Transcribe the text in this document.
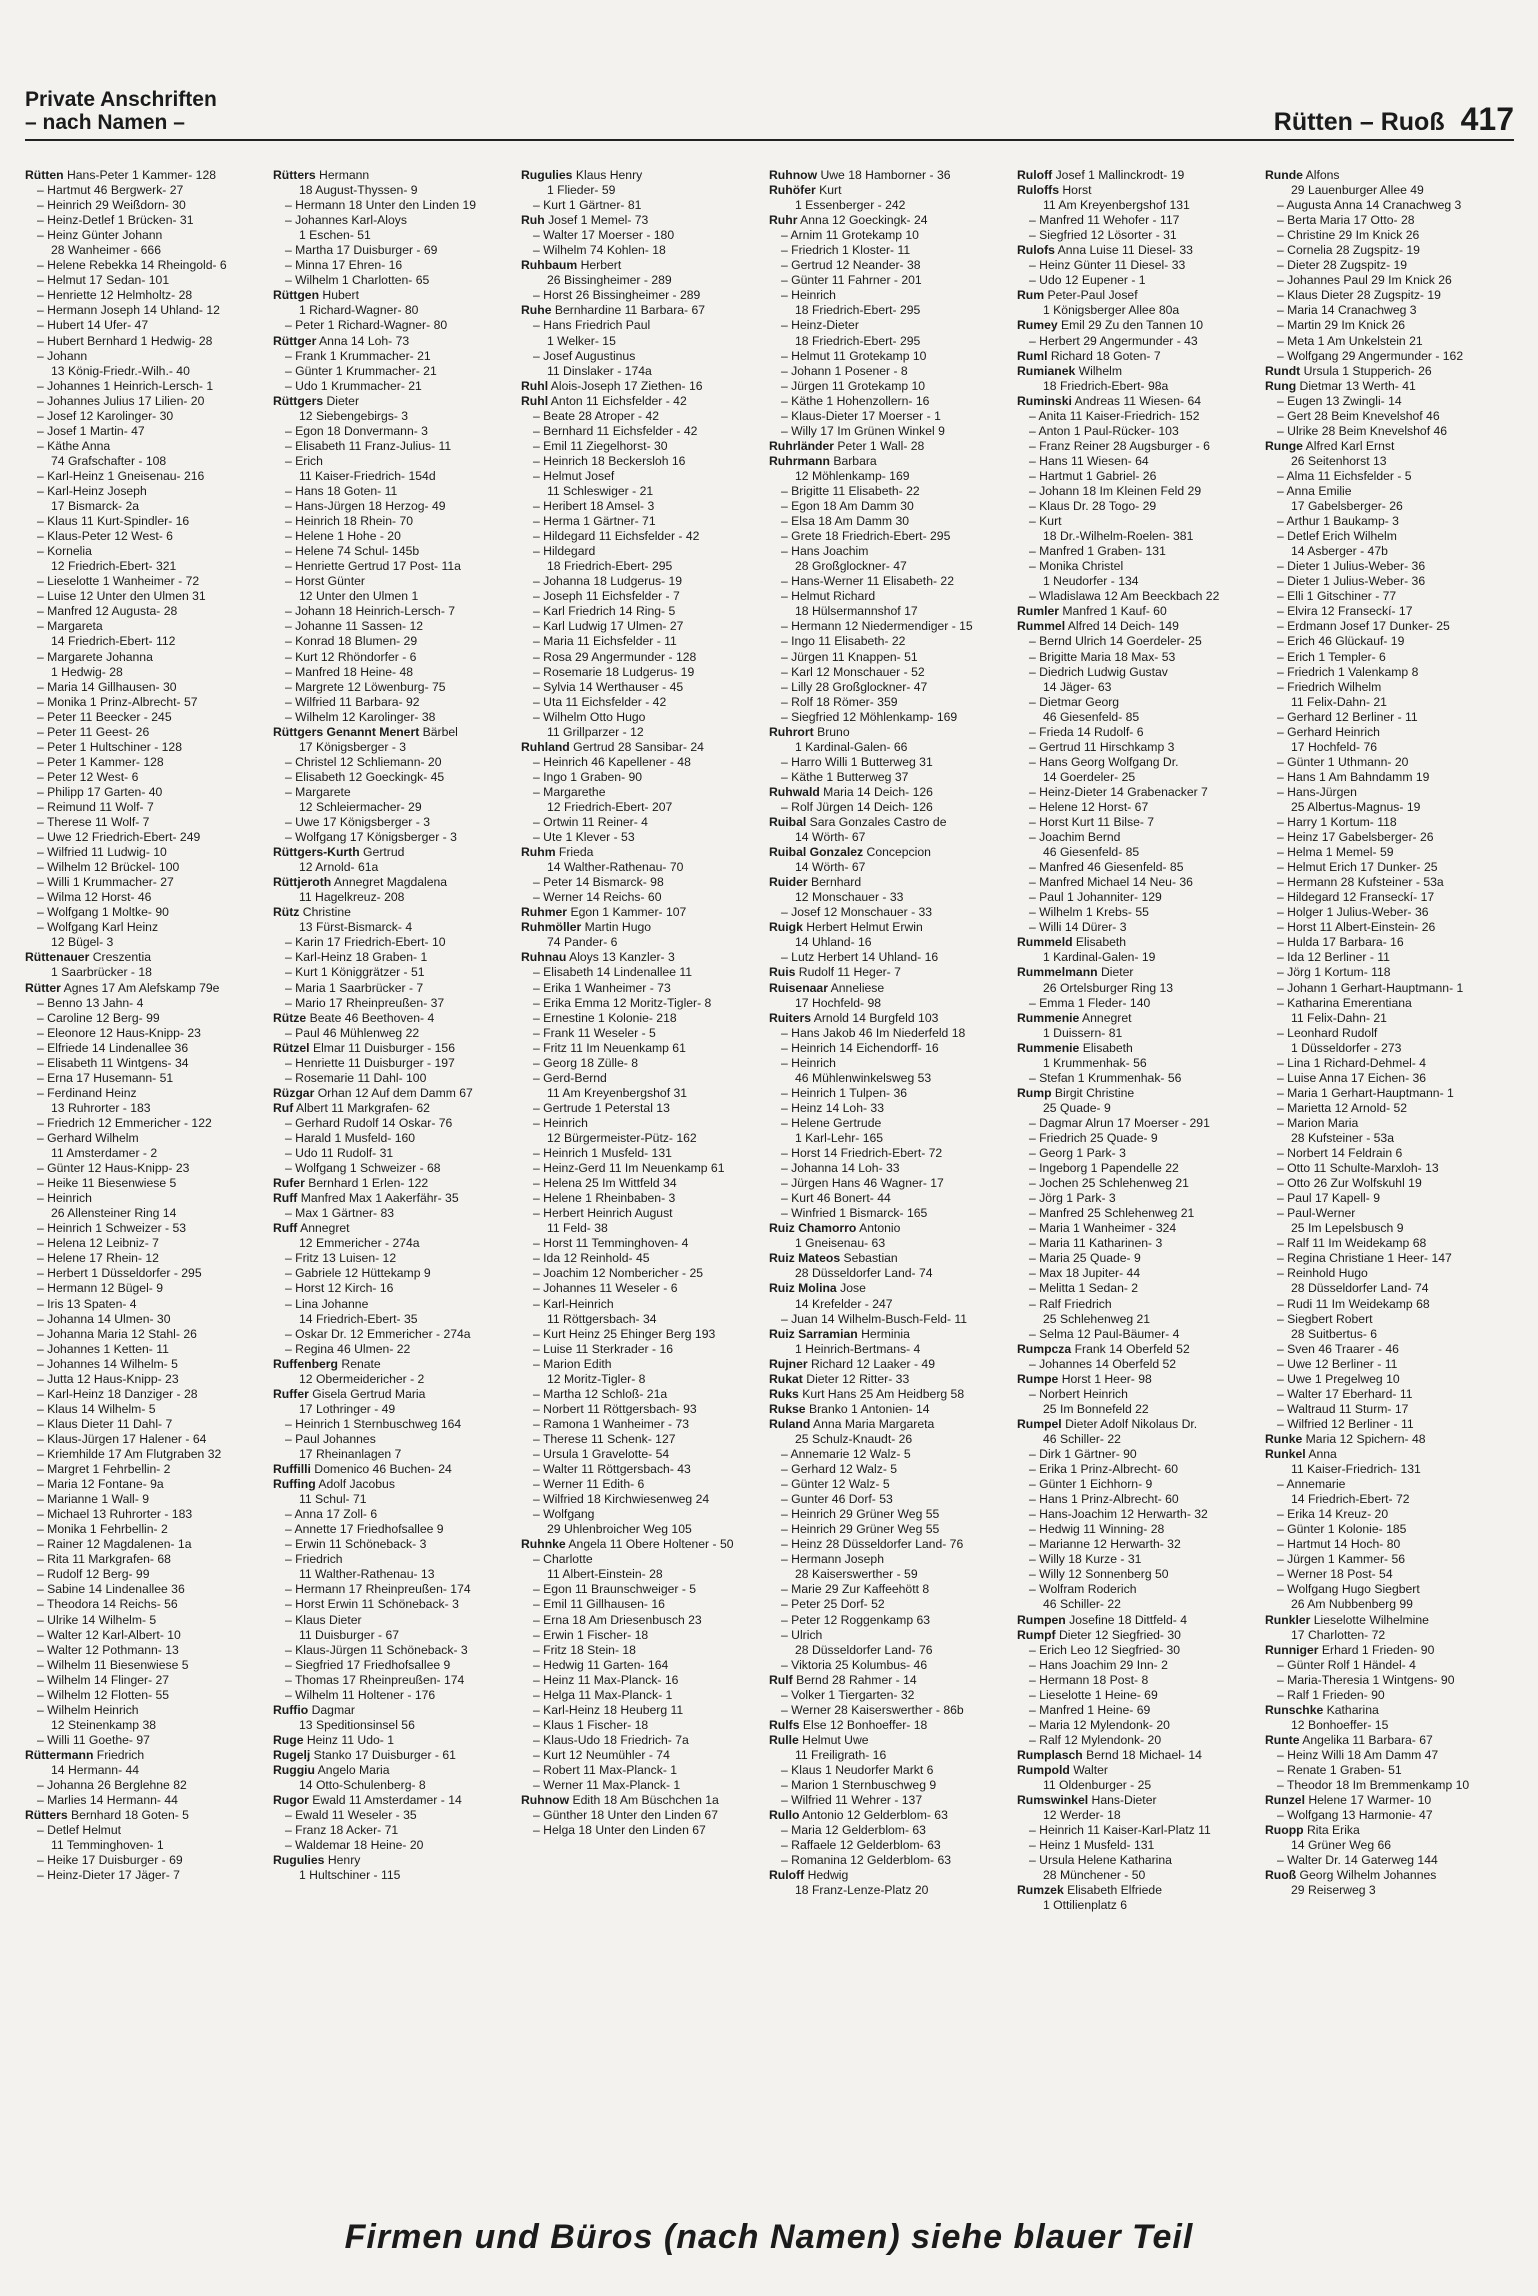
Private Anschriften
– nach Namen –	Rütten – Ruoß 417
Rütten Hans-Peter 1 Kammer- 128
– Hartmut 46 Bergwerk- 27
– Heinrich 29 Weißdorn- 30
– Heinz-Detlef 1 Brücken- 31
– Heinz Günter Johann
28 Wanheimer - 666
– Helene Rebekka 14 Rheingold- 6
– Helmut 17 Sedan- 101
– Henriette 12 Helmholtz- 28
– Hermann Joseph 14 Uhland- 12
– Hubert 14 Ufer- 47
– Hubert Bernhard 1 Hedwig- 28
– Johann
13 König-Friedr.-Wilh.- 40
– Johannes 1 Heinrich-Lersch- 1
– Johannes Julius 17 Lilien- 20
– Josef 12 Karolinger- 30
– Josef 1 Martin- 47
– Käthe Anna
74 Grafschafter - 108
– Karl-Heinz 1 Gneisenau- 216
– Karl-Heinz Joseph
17 Bismarck- 2a
– Klaus 11 Kurt-Spindler- 16
– Klaus-Peter 12 West- 6
– Kornelia
12 Friedrich-Ebert- 321
– Lieselotte 1 Wanheimer - 72
– Luise 12 Unter den Ulmen 31
– Manfred 12 Augusta- 28
– Margareta
14 Friedrich-Ebert- 112
– Margarete Johanna
1 Hedwig- 28
– Maria 14 Gillhausen- 30
– Monika 1 Prinz-Albrecht- 57
– Peter 11 Beecker - 245
– Peter 11 Geest- 26
– Peter 1 Hultschiner - 128
– Peter 1 Kammer- 128
– Peter 12 West- 6
– Philipp 17 Garten- 40
– Reimund 11 Wolf- 7
– Therese 11 Wolf- 7
– Uwe 12 Friedrich-Ebert- 249
– Wilfried 11 Ludwig- 10
– Wilhelm 12 Brückel- 100
– Willi 1 Krummacher- 27
– Wilma 12 Horst- 46
– Wolfgang 1 Moltke- 90
– Wolfgang Karl Heinz
12 Bügel- 3
Rüttenauer Creszentia
1 Saarbrücker - 18
Rütter Agnes 17 Am Alefskamp 79e
– Benno 13 Jahn- 4
– Caroline 12 Berg- 99
– Eleonore 12 Haus-Knipp- 23
– Elfriede 14 Lindenallee 36
– Elisabeth 11 Wintgens- 34
– Erna 17 Husemann- 51
– Ferdinand Heinz
13 Ruhrorter - 183
– Friedrich 12 Emmericher - 122
– Gerhard Wilhelm
11 Amsterdamer - 2
– Günter 12 Haus-Knipp- 23
– Heike 11 Biesenwiese 5
– Heinrich
26 Allensteiner Ring 14
– Heinrich 1 Schweizer - 53
– Helena 12 Leibniz- 7
– Helene 17 Rhein- 12
– Herbert 1 Düsseldorfer - 295
– Hermann 12 Bügel- 9
– Iris 13 Spaten- 4
– Johanna 14 Ulmen- 30
– Johanna Maria 12 Stahl- 26
– Johannes 1 Ketten- 11
– Johannes 14 Wilhelm- 5
– Jutta 12 Haus-Knipp- 23
– Karl-Heinz 18 Danziger - 28
– Klaus 14 Wilhelm- 5
– Klaus Dieter 11 Dahl- 7
– Klaus-Jürgen 17 Halener - 64
– Kriemhilde 17 Am Flutgraben 32
– Margret 1 Fehrbellin- 2
– Maria 12 Fontane- 9a
– Marianne 1 Wall- 9
– Michael 13 Ruhrorter - 183
– Monika 1 Fehrbellin- 2
– Rainer 12 Magdalenen- 1a
– Rita 11 Markgrafen- 68
– Rudolf 12 Berg- 99
– Sabine 14 Lindenallee 36
– Theodora 14 Reichs- 56
– Ulrike 14 Wilhelm- 5
– Walter 12 Karl-Albert- 10
– Walter 12 Pothmann- 13
– Wilhelm 11 Biesenwiese 5
– Wilhelm 14 Flinger- 27
– Wilhelm 12 Flotten- 55
– Wilhelm Heinrich
12 Steinenkamp 38
– Willi 11 Goethe- 97
Rüttermann Friedrich
14 Hermann- 44
– Johanna 26 Berglehne 82
– Marlies 14 Hermann- 44
Rütters Bernhard 18 Goten- 5
– Detlef Helmut
11 Temminghoven- 1
– Heike 17 Duisburger - 69
– Heinz-Dieter 17 Jäger- 7
Rütters Hermann
18 August-Thyssen- 9
– Hermann 18 Unter den Linden 19
– Johannes Karl-Aloys
1 Eschen- 51
– Martha 17 Duisburger - 69
– Minna 17 Ehren- 16
– Wilhelm 1 Charlotten- 65
Rüttgen Hubert
1 Richard-Wagner- 80
– Peter 1 Richard-Wagner- 80
Rüttger Anna 14 Loh- 73
– Frank 1 Krummacher- 21
– Günter 1 Krummacher- 21
– Udo 1 Krummacher- 21
Rüttgers Dieter
12 Siebengebirgs- 3
– Egon 18 Donvermann- 3
– Elisabeth 11 Franz-Julius- 11
– Erich
11 Kaiser-Friedrich- 154d
– Hans 18 Goten- 11
– Hans-Jürgen 18 Herzog- 49
– Heinrich 18 Rhein- 70
– Helene 1 Hohe - 20
– Helene 74 Schul- 145b
– Henriette Gertrud 17 Post- 11a
– Horst Günter
12 Unter den Ulmen 1
– Johann 18 Heinrich-Lersch- 7
– Johanne 11 Sassen- 12
– Konrad 18 Blumen- 29
– Kurt 12 Rhöndorfer - 6
– Manfred 18 Heine- 48
– Margrete 12 Löwenburg- 75
– Wilfried 11 Barbara- 92
– Wilhelm 12 Karolinger- 38
Rüttgers Genannt Menert Bärbel
17 Königsberger - 3
– Christel 12 Schliemann- 20
– Elisabeth 12 Goeckingk- 45
– Margarete
12 Schleiermacher- 29
– Uwe 17 Königsberger - 3
– Wolfgang 17 Königsberger - 3
Rüttgers-Kurth Gertrud
12 Arnold- 61a
Rüttjeroth Annegret Magdalena
11 Hagelkreuz- 208
Rütz Christine
13 Fürst-Bismarck- 4
– Karin 17 Friedrich-Ebert- 10
– Karl-Heinz 18 Graben- 1
– Kurt 1 Königgrätzer - 51
– Maria 1 Saarbrücker - 7
– Mario 17 Rheinpreußen- 37
Rütze Beate 46 Beethoven- 4
– Paul 46 Mühlenweg 22
Rützel Elmar 11 Duisburger - 156
– Henriette 11 Duisburger - 197
– Rosemarie 11 Dahl- 100
Rüzgar Orhan 12 Auf dem Damm 67
Ruf Albert 11 Markgrafen- 62
– Gerhard Rudolf 14 Oskar- 76
– Harald 1 Musfeld- 160
– Udo 11 Rudolf- 31
– Wolfgang 1 Schweizer - 68
Rufer Bernhard 1 Erlen- 122
Ruff Manfred Max 1 Aakerfähr- 35
– Max 1 Gärtner- 83
Ruff Annegret
12 Emmericher - 274a
– Fritz 13 Luisen- 12
– Gabriele 12 Hüttekamp 9
– Horst 12 Kirch- 16
– Lina Johanne
14 Friedrich-Ebert- 35
– Oskar Dr. 12 Emmericher - 274a
– Regina 46 Ulmen- 22
Ruffenberg Renate
12 Obermeidericher - 2
Ruffer Gisela Gertrud Maria
17 Lothringer - 49
– Heinrich 1 Sternbuschweg 164
– Paul Johannes
17 Rheinanlagen 7
Ruffilli Domenico 46 Buchen- 24
Ruffing Adolf Jacobus
11 Schul- 71
– Anna 17 Zoll- 6
– Annette 17 Friedhofsallee 9
– Erwin 11 Schöneback- 3
– Friedrich
11 Walther-Rathenau- 13
– Hermann 17 Rheinpreußen- 174
– Horst Erwin 11 Schöneback- 3
– Klaus Dieter
11 Duisburger - 67
– Klaus-Jürgen 11 Schöneback- 3
– Siegfried 17 Friedhofsallee 9
– Thomas 17 Rheinpreußen- 174
– Wilhelm 11 Holtener - 176
Ruffio Dagmar
13 Speditionsinsel 56
Ruge Heinz 11 Udo- 1
Rugelj Stanko 17 Duisburger - 61
Ruggiu Angelo Maria
14 Otto-Schulenberg- 8
Rugor Ewald 11 Amsterdamer - 14
– Ewald 11 Weseler - 35
– Franz 18 Acker- 71
– Waldemar 18 Heine- 20
Rugulies Henry
1 Hultschiner - 115
Rugulies Klaus Henry
1 Flieder- 59
– Kurt 1 Gärtner- 81
Ruh Josef 1 Memel- 73
– Walter 17 Moerser - 180
– Wilhelm 74 Kohlen- 18
Ruhbaum Herbert
26 Bissingheimer - 289
– Horst 26 Bissingheimer - 289
Ruhe Bernhardine 11 Barbara- 67
– Hans Friedrich Paul
1 Welker- 15
– Josef Augustinus
11 Dinslaker - 174a
Ruhl Alois-Joseph 17 Ziethen- 16
Ruhl Anton 11 Eichsfelder - 42
– Beate 28 Atroper - 42
– Bernhard 11 Eichsfelder - 42
– Emil 11 Ziegelhorst- 30
– Heinrich 18 Beckersloh 16
– Helmut Josef
11 Schleswiger - 21
– Heribert 18 Amsel- 3
– Herma 1 Gärtner- 71
– Hildegard 11 Eichsfelder - 42
– Hildegard
18 Friedrich-Ebert- 295
– Johanna 18 Ludgerus- 19
– Joseph 11 Eichsfelder - 7
– Karl Friedrich 14 Ring- 5
– Karl Ludwig 17 Ulmen- 27
– Maria 11 Eichsfelder - 11
– Rosa 29 Angermunder - 128
– Rosemarie 18 Ludgerus- 19
– Sylvia 14 Werthauser - 45
– Uta 11 Eichsfelder - 42
– Wilhelm Otto Hugo
11 Grillparzer - 12
Ruhland Gertrud 28 Sansibar- 24
– Heinrich 46 Kapellener - 48
– Ingo 1 Graben- 90
– Margarethe
12 Friedrich-Ebert- 207
– Ortwin 11 Reiner- 4
– Ute 1 Klever - 53
Ruhm Frieda
14 Walther-Rathenau- 70
– Peter 14 Bismarck- 98
– Werner 14 Reichs- 60
Ruhmer Egon 1 Kammer- 107
Ruhmöller Martin Hugo
74 Pander- 6
Ruhnau Aloys 13 Kanzler- 3
– Elisabeth 14 Lindenallee 11
– Erika 1 Wanheimer - 73
– Erika Emma 12 Moritz-Tigler- 8
– Ernestine 1 Kolonie- 218
– Frank 11 Weseler - 5
– Fritz 11 Im Neuenkamp 61
– Georg 18 Zülle- 8
– Gerd-Bernd
11 Am Kreyenbergshof 31
– Gertrude 1 Peterstal 13
– Heinrich
12 Bürgermeister-Pütz- 162
– Heinrich 1 Musfeld- 131
– Heinz-Gerd 11 Im Neuenkamp 61
– Helena 25 Im Wittfeld 34
– Helene 1 Rheinbaben- 3
– Herbert Heinrich August
11 Feld- 38
– Horst 11 Temminghoven- 4
– Ida 12 Reinhold- 45
– Joachim 12 Nombericher - 25
– Johannes 11 Weseler - 6
– Karl-Heinrich
11 Röttgersbach- 34
– Kurt Heinz 25 Ehinger Berg 193
– Luise 11 Sterkrader - 16
– Marion Edith
12 Moritz-Tigler- 8
– Martha 12 Schloß- 21a
– Norbert 11 Röttgersbach- 93
– Ramona 1 Wanheimer - 73
– Therese 11 Schenk- 127
– Ursula 1 Gravelotte- 54
– Walter 11 Röttgersbach- 43
– Werner 11 Edith- 6
– Wilfried 18 Kirchwiesenweg 24
– Wolfgang
29 Uhlenbroicher Weg 105
Ruhnke Angela 11 Obere Holtener - 50
– Charlotte
11 Albert-Einstein- 28
– Egon 11 Braunschweiger - 5
– Emil 11 Gillhausen- 16
– Erna 18 Am Driesenbusch 23
– Erwin 1 Fischer- 18
– Fritz 18 Stein- 18
– Hedwig 11 Garten- 164
– Heinz 11 Max-Planck- 16
– Helga 11 Max-Planck- 1
– Karl-Heinz 18 Heuberg 11
– Klaus 1 Fischer- 18
– Klaus-Udo 18 Friedrich- 7a
– Kurt 12 Neumühler - 74
– Robert 11 Max-Planck- 1
– Werner 11 Max-Planck- 1
Ruhnow Edith 18 Am Büschchen 1a
– Günther 18 Unter den Linden 67
– Helga 18 Unter den Linden 67
Ruhnow Uwe 18 Hamborner - 36
Ruhöfer Kurt
1 Essenberger - 242
Ruhr Anna 12 Goeckingk- 24
– Arnim 11 Grotekamp 10
– Friedrich 1 Kloster- 11
– Gertrud 12 Neander- 38
– Günter 11 Fahrner - 201
– Heinrich
18 Friedrich-Ebert- 295
– Heinz-Dieter
18 Friedrich-Ebert- 295
– Helmut 11 Grotekamp 10
– Johann 1 Posener - 8
– Jürgen 11 Grotekamp 10
– Käthe 1 Hohenzollern- 16
– Klaus-Dieter 17 Moerser - 1
– Willy 17 Im Grünen Winkel 9
Ruhrländer Peter 1 Wall- 28
Ruhrmann Barbara
12 Möhlenkamp- 169
– Brigitte 11 Elisabeth- 22
– Egon 18 Am Damm 30
– Elsa 18 Am Damm 30
– Grete 18 Friedrich-Ebert- 295
– Hans Joachim
28 Großglockner- 47
– Hans-Werner 11 Elisabeth- 22
– Helmut Richard
18 Hülsermannshof 17
– Hermann 12 Niedermendiger - 15
– Ingo 11 Elisabeth- 22
– Jürgen 11 Knappen- 51
– Karl 12 Monschauer - 52
– Lilly 28 Großglockner- 47
– Rolf 18 Römer- 359
– Siegfried 12 Möhlenkamp- 169
Ruhrort Bruno
1 Kardinal-Galen- 66
– Harro Willi 1 Butterweg 31
– Käthe 1 Butterweg 37
Ruhwald Maria 14 Deich- 126
– Rolf Jürgen 14 Deich- 126
Ruibal Sara Gonzales Castro de
14 Wörth- 67
Ruibal Gonzalez Concepcion
14 Wörth- 67
Ruider Bernhard
12 Monschauer - 33
– Josef 12 Monschauer - 33
Ruigk Herbert Helmut Erwin
14 Uhland- 16
– Lutz Herbert 14 Uhland- 16
Ruis Rudolf 11 Heger- 7
Ruisenaar Anneliese
17 Hochfeld- 98
Ruiters Arnold 14 Burgfeld 103
– Hans Jakob 46 Im Niederfeld 18
– Heinrich 14 Eichendorff- 16
– Heinrich
46 Mühlenwinkelsweg 53
– Heinrich 1 Tulpen- 36
– Heinz 14 Loh- 33
– Helene Gertrude
1 Karl-Lehr- 165
– Horst 14 Friedrich-Ebert- 72
– Johanna 14 Loh- 33
– Jürgen Hans 46 Wagner- 17
– Kurt 46 Bonert- 44
– Winfried 1 Bismarck- 165
Ruiz Chamorro Antonio
1 Gneisenau- 63
Ruiz Mateos Sebastian
28 Düsseldorfer Land- 74
Ruiz Molina Jose
14 Krefelder - 247
– Juan 14 Wilhelm-Busch-Feld- 11
Ruiz Sarramian Herminia
1 Heinrich-Bertmans- 4
Rujner Richard 12 Laaker - 49
Rukat Dieter 12 Ritter- 33
Ruks Kurt Hans 25 Am Heidberg 58
Rukse Branko 1 Antonien- 14
Ruland Anna Maria Margareta
25 Schulz-Knaudt- 26
– Annemarie 12 Walz- 5
– Gerhard 12 Walz- 5
– Günter 12 Walz- 5
– Gunter 46 Dorf- 53
– Heinrich 29 Grüner Weg 55
– Heinrich 29 Grüner Weg 55
– Heinz 28 Düsseldorfer Land- 76
– Hermann Joseph
28 Kaiserswerther - 59
– Marie 29 Zur Kaffeehött 8
– Peter 25 Dorf- 52
– Peter 12 Roggenkamp 63
– Ulrich
28 Düsseldorfer Land- 76
– Viktoria 25 Kolumbus- 46
Rulf Bernd 28 Rahmer - 14
– Volker 1 Tiergarten- 32
– Werner 28 Kaiserswerther - 86b
Rulfs Else 12 Bonhoeffer- 18
Rulle Helmut Uwe
11 Freiligrath- 16
– Klaus 1 Neudorfer Markt 6
– Marion 1 Sternbuschweg 9
– Wilfried 11 Wehrer - 137
Rullo Antonio 12 Gelderblom- 63
– Maria 12 Gelderblom- 63
– Raffaele 12 Gelderblom- 63
– Romanina 12 Gelderblom- 63
Ruloff Hedwig
18 Franz-Lenze-Platz 20
Ruloff Josef 1 Mallinckrodt- 19
Ruloffs Horst
11 Am Kreyenbergshof 131
– Manfred 11 Wehofer - 117
– Siegfried 12 Lösorter - 31
Rulofs Anna Luise 11 Diesel- 33
– Heinz Günter 11 Diesel- 33
– Udo 12 Eupener - 1
Rum Peter-Paul Josef
1 Königsberger Allee 80a
Rumey Emil 29 Zu den Tannen 10
– Herbert 29 Angermunder - 43
Ruml Richard 18 Goten- 7
Rumianek Wilhelm
18 Friedrich-Ebert- 98a
Ruminski Andreas 11 Wiesen- 64
– Anita 11 Kaiser-Friedrich- 152
– Anton 1 Paul-Rücker- 103
– Franz Reiner 28 Augsburger - 6
– Hans 11 Wiesen- 64
– Hartmut 1 Gabriel- 26
– Johann 18 Im Kleinen Feld 29
– Klaus Dr. 28 Togo- 29
– Kurt
18 Dr.-Wilhelm-Roelen- 381
– Manfred 1 Graben- 131
– Monika Christel
1 Neudorfer - 134
– Wladislawa 12 Am Beeckbach 22
Rumler Manfred 1 Kauf- 60
Rummel Alfred 14 Deich- 149
– Bernd Ulrich 14 Goerdeler- 25
– Brigitte Maria 18 Max- 53
– Diedrich Ludwig Gustav
14 Jäger- 63
– Dietmar Georg
46 Giesenfeld- 85
– Frieda 14 Rudolf- 6
– Gertrud 11 Hirschkamp 3
– Hans Georg Wolfgang Dr.
14 Goerdeler- 25
– Heinz-Dieter 14 Grabenacker 7
– Helene 12 Horst- 67
– Horst Kurt 11 Bilse- 7
– Joachim Bernd
46 Giesenfeld- 85
– Manfred 46 Giesenfeld- 85
– Manfred Michael 14 Neu- 36
– Paul 1 Johanniter- 129
– Wilhelm 1 Krebs- 55
– Willi 14 Dürer- 3
Rummeld Elisabeth
1 Kardinal-Galen- 19
Rummelmann Dieter
26 Ortelsburger Ring 13
– Emma 1 Fleder- 140
Rummenie Annegret
1 Duissern- 81
Rummenie Elisabeth
1 Krummenhak- 56
– Stefan 1 Krummenhak- 56
Rump Birgit Christine
25 Quade- 9
– Dagmar Alrun 17 Moerser - 291
– Friedrich 25 Quade- 9
– Georg 1 Park- 3
– Ingeborg 1 Papendelle 22
– Jochen 25 Schlehenweg 21
– Jörg 1 Park- 3
– Manfred 25 Schlehenweg 21
– Maria 1 Wanheimer - 324
– Maria 11 Katharinen- 3
– Maria 25 Quade- 9
– Max 18 Jupiter- 44
– Melitta 1 Sedan- 2
– Ralf Friedrich
25 Schlehenweg 21
– Selma 12 Paul-Bäumer- 4
Rumpcza Frank 14 Oberfeld 52
– Johannes 14 Oberfeld 52
Rumpe Horst 1 Heer- 98
– Norbert Heinrich
25 Im Bonnefeld 22
Rumpel Dieter Adolf Nikolaus Dr.
46 Schiller- 22
– Dirk 1 Gärtner- 90
– Erika 1 Prinz-Albrecht- 60
– Günter 1 Eichhorn- 9
– Hans 1 Prinz-Albrecht- 60
– Hans-Joachim 12 Herwarth- 32
– Hedwig 11 Winning- 28
– Marianne 12 Herwarth- 32
– Willy 18 Kurze - 31
– Willy 12 Sonnenberg 50
– Wolfram Roderich
46 Schiller- 22
Rumpen Josefine 18 Dittfeld- 4
Rumpf Dieter 12 Siegfried- 30
– Erich Leo 12 Siegfried- 30
– Hans Joachim 29 Inn- 2
– Hermann 18 Post- 8
– Lieselotte 1 Heine- 69
– Manfred 1 Heine- 69
– Maria 12 Mylendonk- 20
– Ralf 12 Mylendonk- 20
Rumplasch Bernd 18 Michael- 14
Rumpold Walter
11 Oldenburger - 25
Rumswinkel Hans-Dieter
12 Werder- 18
– Heinrich 11 Kaiser-Karl-Platz 11
– Heinz 1 Musfeld- 131
– Ursula Helene Katharina
28 Münchener - 50
Rumzek Elisabeth Elfriede
1 Ottilienplatz 6
Runde Alfons
29 Lauenburger Allee 49
– Augusta Anna 14 Cranachweg 3
– Berta Maria 17 Otto- 28
– Christine 29 Im Knick 26
– Cornelia 28 Zugspitz- 19
– Dieter 28 Zugspitz- 19
– Johannes Paul 29 Im Knick 26
– Klaus Dieter 28 Zugspitz- 19
– Maria 14 Cranachweg 3
– Martin 29 Im Knick 26
– Meta 1 Am Unkelstein 21
– Wolfgang 29 Angermunder - 162
Rundt Ursula 1 Stupperich- 26
Rung Dietmar 13 Werth- 41
– Eugen 13 Zwingli- 14
– Gert 28 Beim Knevelshof 46
– Ulrike 28 Beim Knevelshof 46
Runge Alfred Karl Ernst
26 Seitenhorst 13
– Alma 11 Eichsfelder - 5
– Anna Emilie
17 Gabelsberger- 26
– Arthur 1 Baukamp- 3
– Detlef Erich Wilhelm
14 Asberger - 47b
– Dieter 1 Julius-Weber- 36
– Dieter 1 Julius-Weber- 36
– Elli 1 Gitschiner - 77
– Elvira 12 Franseckí- 17
– Erdmann Josef 17 Dunker- 25
– Erich 46 Glückauf- 19
– Erich 1 Templer- 6
– Friedrich 1 Valenkamp 8
– Friedrich Wilhelm
11 Felix-Dahn- 21
– Gerhard 12 Berliner - 11
– Gerhard Heinrich
17 Hochfeld- 76
– Günter 1 Uthmann- 20
– Hans 1 Am Bahndamm 19
– Hans-Jürgen
25 Albertus-Magnus- 19
– Harry 1 Kortum- 118
– Heinz 17 Gabelsberger- 26
– Helma 1 Memel- 59
– Helmut Erich 17 Dunker- 25
– Hermann 28 Kufsteiner - 53a
– Hildegard 12 Franseckí- 17
– Holger 1 Julius-Weber- 36
– Horst 11 Albert-Einstein- 26
– Hulda 17 Barbara- 16
– Ida 12 Berliner - 11
– Jörg 1 Kortum- 118
– Johann 1 Gerhart-Hauptmann- 1
– Katharina Emerentiana
11 Felix-Dahn- 21
– Leonhard Rudolf
1 Düsseldorfer - 273
– Lina 1 Richard-Dehmel- 4
– Luise Anna 17 Eichen- 36
– Maria 1 Gerhart-Hauptmann- 1
– Marietta 12 Arnold- 52
– Marion Maria
28 Kufsteiner - 53a
– Norbert 14 Feldrain 6
– Otto 11 Schulte-Marxloh- 13
– Otto 26 Zur Wolfskuhl 19
– Paul 17 Kapell- 9
– Paul-Werner
25 Im Lepelsbusch 9
– Ralf 11 Im Weidekamp 68
– Regina Christiane 1 Heer- 147
– Reinhold Hugo
28 Düsseldorfer Land- 74
– Rudi 11 Im Weidekamp 68
– Siegbert Robert
28 Suitbertus- 6
– Sven 46 Traarer - 46
– Uwe 12 Berliner - 11
– Uwe 1 Pregelweg 10
– Walter 17 Eberhard- 11
– Waltraud 11 Sturm- 17
– Wilfried 12 Berliner - 11
Runke Maria 12 Spichern- 48
Runkel Anna
11 Kaiser-Friedrich- 131
– Annemarie
14 Friedrich-Ebert- 72
– Erika 14 Kreuz- 20
– Günter 1 Kolonie- 185
– Hartmut 14 Hoch- 80
– Jürgen 1 Kammer- 56
– Werner 18 Post- 54
– Wolfgang Hugo Siegbert
26 Am Nubbenberg 99
Runkler Lieselotte Wilhelmine
17 Charlotten- 72
Runniger Erhard 1 Frieden- 90
– Günter Rolf 1 Händel- 4
– Maria-Theresia 1 Wintgens- 90
– Ralf 1 Frieden- 90
Runschke Katharina
12 Bonhoeffer- 15
Runte Angelika 11 Barbara- 67
– Heinz Willi 18 Am Damm 47
– Renate 1 Graben- 51
– Theodor 18 Im Bremmenkamp 10
Runzel Helene 17 Warmer- 10
– Wolfgang 13 Harmonie- 47
Ruopp Rita Erika
14 Grüner Weg 66
– Walter Dr. 14 Gaterweg 144
Ruoß Georg Wilhelm Johannes
29 Reiserweg 3
Firmen und Büros (nach Namen) siehe blauer Teil
